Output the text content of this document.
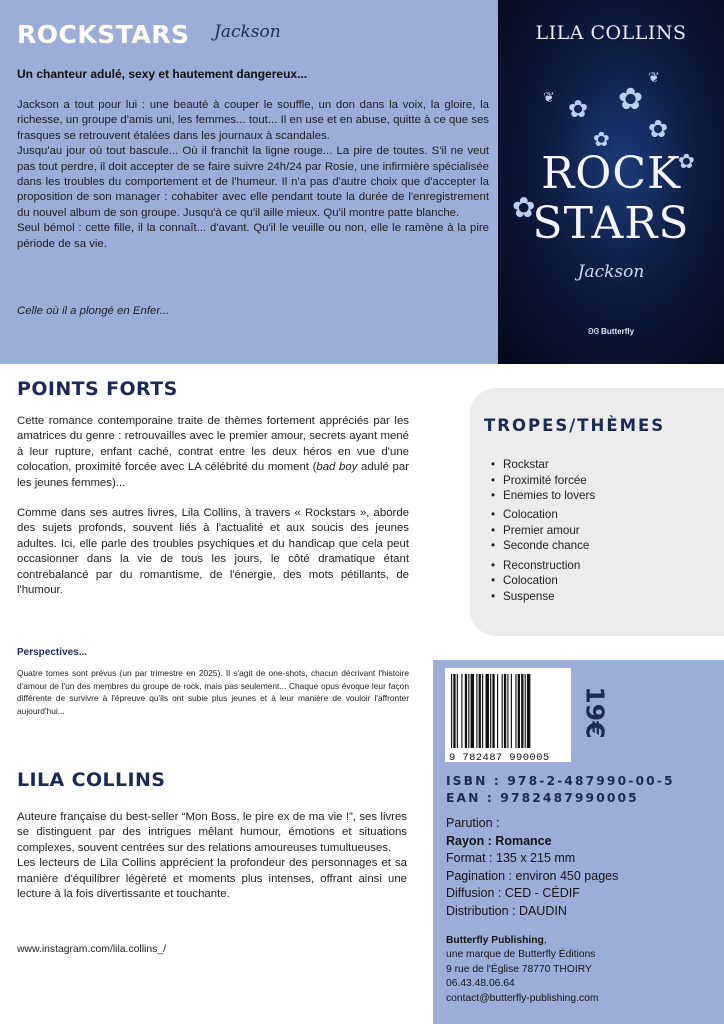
ROCKSTARS Jackson
Un chanteur adulé, sexy et hautement dangereux...

Jackson a tout pour lui : une beauté à couper le souffle, un don dans la voix, la gloire, la richesse, un groupe d'amis uni, les femmes... tout... Il en use et en abuse, quitte à ce que ses frasques se retrouvent étalées dans les journaux à scandales.

Jusqu'au jour où tout bascule... Où il franchit la ligne rouge... La pire de toutes. S'il ne veut pas tout perdre, il doit accepter de se faire suivre 24h/24 par Rosie, une infirmière spécialisée dans les troubles du comportement et de l'humeur. Il n'a pas d'autre choix que d'accepter la proposition de son manager : cohabiter avec elle pendant toute la durée de l'enregistrement du nouvel album de son groupe. Jusqu'à ce qu'il aille mieux. Qu'il montre patte blanche.

Seul bémol : cette fille, il la connaît... d'avant. Qu'il le veuille ou non, elle le ramène à la pire période de sa vie.

Celle où il a plongé en Enfer...
✿ ✿
✿
✿
✿
✿
❦
❦
LILA COLLINS
ROCK
STARS
Jackson
ʚɞ Butterfly
POINTS FORTS

Cette romance contemporaine traite de thèmes fortement appréciés par les amatrices du genre : retrouvailles avec le premier amour, secrets ayant mené à leur rupture, enfant caché, contrat entre les deux héros en vue d'une colocation, proximité forcée avec LA célébrité du moment (bad boy adulé par les jeunes femmes)...

Comme dans ses autres livres, Lila Collins, à travers « Rockstars », aborde des sujets profonds, souvent liés à l'actualité et aux soucis des jeunes adultes. Ici, elle parle des troubles psychiques et du handicap que cela peut occasionner dans la vie de tous les jours, le côté dramatique étant contrebalancé par du romantisme, de l'énergie, des mots pétillants, de l'humour.

TROPES/THÈMES
• Rockstar
• Proximité forcée
• Enemies to lovers
• Colocation
• Premier amour
• Seconde chance
• Reconstruction
• Colocation
• Suspense
Perspectives...
Quatre tomes sont prévus (un par trimestre en 2025). Il s'agit de one-shots, chacun décrivant l'histoire d'amour de l'un des membres du groupe de rock, mais pas seulement... Chaque opus évoque leur façon différente de survivre à l'épreuve qu'ils ont subie plus jeunes et à leur manière de vouloir l'affronter aujourd'hui...
LILA COLLINS

Auteure française du best-seller “Mon Boss, le pire ex de ma vie !”, ses livres se distinguent par des intrigues mêlant humour, émotions et situations complexes, souvent centrées sur des relations amoureuses tumultueuses.

Les lecteurs de Lila Collins apprécient la profondeur des personnages et sa manière d'équilibrer légèreté et moments plus intenses, offrant ainsi une lecture à la fois divertissante et touchante.

www.instagram.com/lila.collins_/
9 782487 990005
19€
ISBN : 978-2-487990-00-5
EAN : 9782487990005
Parution :
Rayon : Romance
Format : 135 x 215 mm
Pagination : environ 450 pages
Diffusion : CED - CÉDIF
Distribution : DAUDIN
Butterfly Publishing,
une marque de Butterfly Éditions
9 rue de l'Église 78770 THOIRY
06.43.48.06.64
contact@butterfly-publishing.com
